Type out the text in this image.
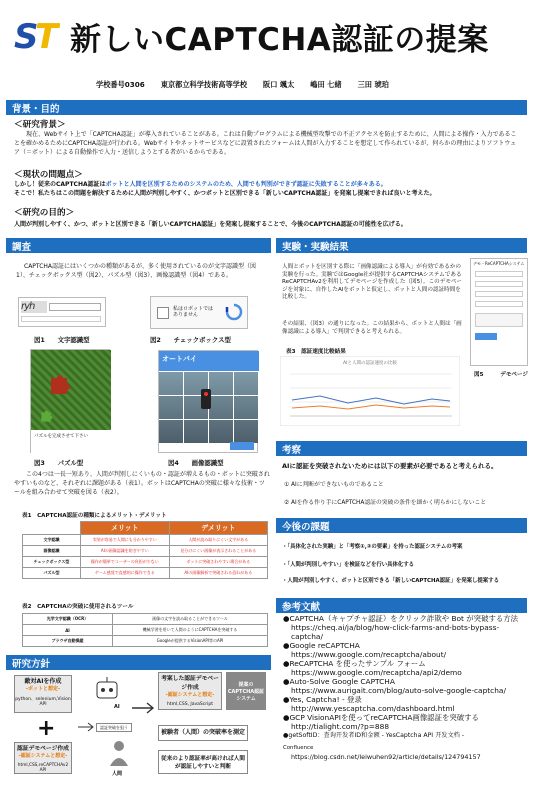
S
T 新しいCAPTCHA認証の提案
学校番号0306 東京都立科学技術高等学校 阪口 颯太 嶋田 七緒 三田 琥珀
背景・目的
＜研究背景＞
現在、Webサイト上で「CAPTCHA認証」が導入されていることがある。これは自動プログラムによる機械型攻撃での不正アクセスを防止するために、人間による操作・入力であることを確かめるためにCAPTCHA認証が行われる。Webサイトやネットサービスなどに設置されたフォームは人間が入力することを想定して作られているが、何らかの理由によりソフトウェア（＝ボット）による自動操作で入力・送信しようとする者がいるからである。
＜現状の問題点＞
しかし！従来のCAPTCHA認証はボットと人間を区別するためのシステムのため、人間でも判別ができず認証に失敗することが多々ある。
そこで！私たちはこの問題を解決するために人間が判別しやすく、かつボットと区別できる「新しいCAPTCHA認証」を発案し提案できれば良いと考えた。
＜研究の目的＞
人間が判別しやすく、かつ、ボットと区別できる「新しいCAPTCHA認証」を発案し提案することで、今後のCAPTCHA認証の可能性を広げる。
調査
CAPTCHA認証にはいくつかの種類があるが、多く使用されているのが文字認識型（図1）、チェックボックス型（図2）、パズル型（図3）、画像認識型（図4）である。
ryh
図1　　文字認識型
私はロボットではありません
図2　　チェックボックス型
パズルを完成させて下さい
図3　　パズル型
オートバイ
図4　　画像認識型
この4つは一長一短あり、人間が判別しにくいもの・認証が増えるもの・ボットに突破されやすいものなど、それぞれに課題がある（表1）。ボットはCAPTCHAの突破に様々な技術・ツールを組み合わせて突破を図る（表2）。
表1　CAPTCHA認証の種類によるメリット・デメリット
	メリット	デメリット
文字認識	実装が容易で人間にも分かりやすい	人間が読み取りにくい文字がある
画像認識	AIの画像認識を防ぎやすい	見分けにくい画像が表示されることがある
チェックボックス型	操作が簡単でユーザーの負担が少ない	ボットに突破されやすい場合がある
パズル型	ゲーム感覚で直感的に操作できる	AIの画像解析で突破される恐れがある
表2　CAPTCHAの突破に使用されるツール
光学文字認識（OCR）	画像の文字を読み取ることができるツール
AI	機械学習を用いて人間のようにCAPTCHAを突破する
ブラウザ自動操縦	Googleが提供するVisionAPI等のAPI
研究方針
敵対AIを作成
-ボットと想定-
python、selenium,Vision API
+
認証デモページ作成
-認証システムと想定-
html,CSS,reCAPTCHAv2 API
AI
認証突破を狙う
人間
考案した認証デモページ作成
-認証システムと想定-
html,CSS, JavaScript
提案のCAPTCHA認証システム
被験者（人間）の突破率を測定
従来のより認証率が高ければ人間が認証しやすいと判断
実験・実験結果
人間とボットを区別する際に「画像認識による導入」が有効であるかの実験を行った。実験ではGoogle社が提供するCAPTCHAシステムであるReCAPTCHAv2を利用してデモページを作成した（図5）。このデモページを対象に、自作したAIをボットと仮定し、ボットと人間の認証時間を比較した。
その結果、（図3）の通りになった。この結果から、ボットと人間は「画像認識による導入」で判別できると考えられる。
表3　認証速度比較結果
AIと人間の認証速度の比較
デモ・ReCAPTCHAシステム
図5　　　デモページ
考察
AIに認証を突破されないためには以下の要素が必要であると考えられる。
① AIに判断ができないものであること
② AIを作る作り手にCAPTCHA認証の突破の条件を細かく明らかにしないこと
今後の課題
・「具体化された実験」と「考察①,②の要素」を持った認証システムの考案
・「人間が判別しやすい」を検証などを行い具体化する
・人間が判別しやすく、ボットと区別できる「新しいCAPTCHA認証」を発案し提案する
参考文献
●CAPTCHA（キャプチャ認証）をクリック詐欺や Bot が突破する方法
https://cheq.ai/ja/blog/how-click-farms-and-bots-bypass-captcha/
●Google reCAPTCHA
https://www.google.com/recaptcha/about/
●ReCAPTCHA を使ったサンプル フォーム
https://www.google.com/recaptcha/api2/demo
●Auto-Solve Google CAPTCHA
https://www.aurigait.com/blog/auto-solve-google-captcha/
●Yes, Captcha! - 登录
http://www.yescaptcha.com/dashboard.html
●GCP VisionAPIを使ってreCAPTCHA画像認証を突破する
http://tialight.com/?p=888
●getSoftID：查询开发者ID和金额 - YesCaptcha API 开发文档 -
Confluence
https://blog.csdn.net/leiwuhen92/article/details/124794157
